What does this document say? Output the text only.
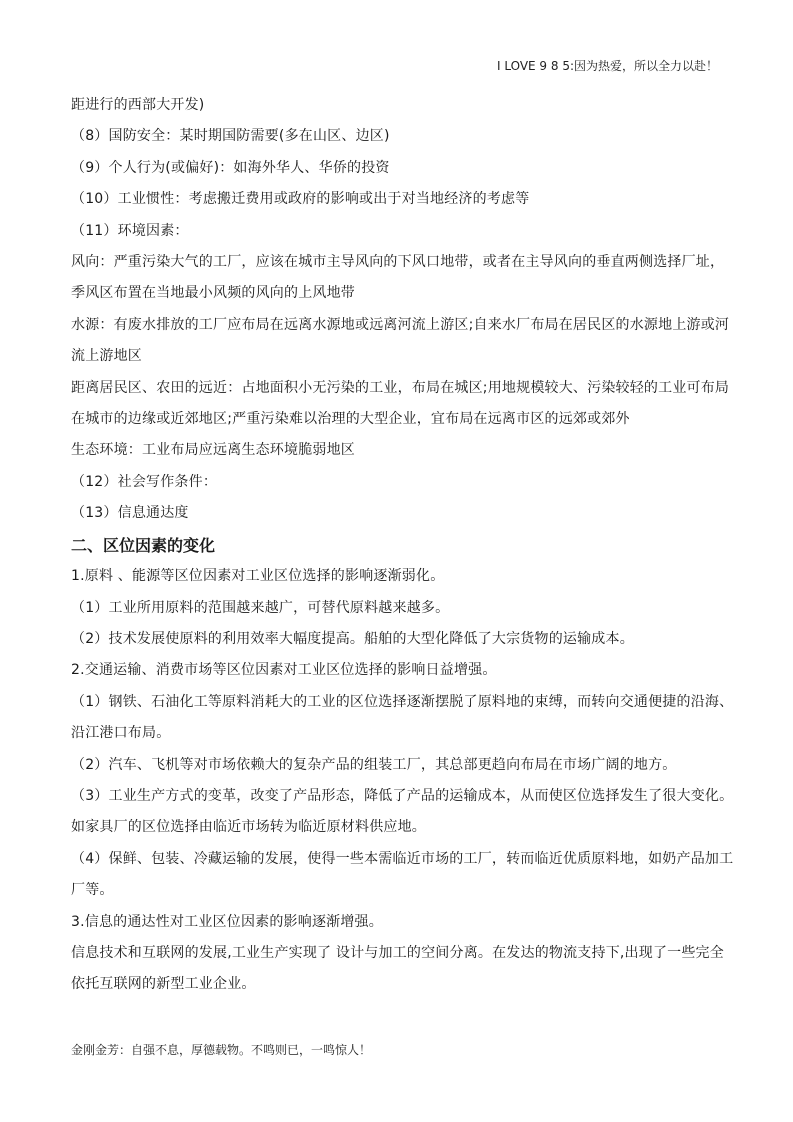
I LOVE 9 8 5:因为热爱，所以全力以赴！

距进行的西部大开发)

（8）国防安全：某时期国防需要(多在山区、边区)

（9）个人行为(或偏好)：如海外华人、华侨的投资

（10）工业惯性：考虑搬迁费用或政府的影响或出于对当地经济的考虑等

（11）环境因素：

风向：严重污染大气的工厂，应该在城市主导风向的下风口地带，或者在主导风向的垂直两侧选择厂址，

季风区布置在当地最小风频的风向的上风地带

水源：有废水排放的工厂应布局在远离水源地或远离河流上游区;自来水厂布局在居民区的水源地上游或河

流上游地区

距离居民区、农田的远近：占地面积小无污染的工业，布局在城区;用地规模较大、污染较轻的工业可布局

在城市的边缘或近郊地区;严重污染难以治理的大型企业，宜布局在远离市区的远郊或郊外

生态环境：工业布局应远离生态环境脆弱地区

（12）社会写作条件：

（13）信息通达度

二、区位因素的变化

1.原料 、能源等区位因素对工业区位选择的影响逐渐弱化。

（1）工业所用原料的范围越来越广，可替代原料越来越多。

（2）技术发展使原料的利用效率大幅度提高。船舶的大型化降低了大宗货物的运输成本。

2.交通运输、消费市场等区位因素对工业区位选择的影响日益增强。

（1）钢铁、石油化工等原料消耗大的工业的区位选择逐渐摆脱了原料地的束缚，而转向交通便捷的沿海、

沿江港口布局。

（2）汽车、飞机等对市场依赖大的复杂产品的组装工厂，其总部更趋向布局在市场广阔的地方。

（3）工业生产方式的变革，改变了产品形态，降低了产品的运输成本，从而使区位选择发生了很大变化。

如家具厂的区位选择由临近市场转为临近原材料供应地。

（4）保鲜、包装、冷藏运输的发展，使得一些本需临近市场的工厂，转而临近优质原料地，如奶产品加工

厂等。

3.信息的通达性对工业区位因素的影响逐渐增强。

信息技术和互联网的发展,工业生产实现了 设计与加工的空间分离。在发达的物流支持下,出现了一些完全

依托互联网的新型工业企业。

金刚金芳：自强不息，厚德载物。不鸣则已，一鸣惊人！
